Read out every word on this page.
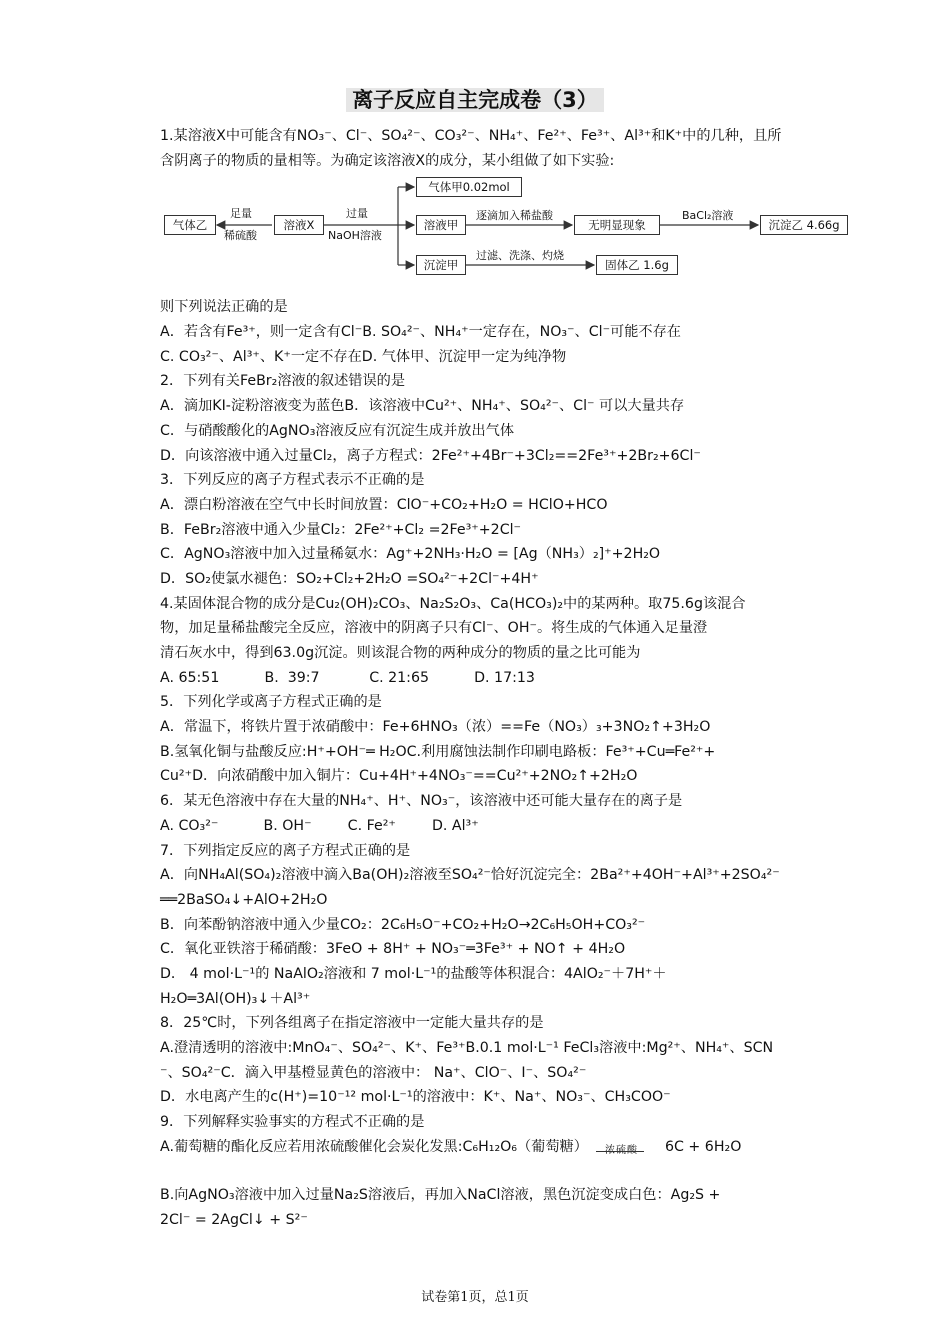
离子反应自主完成卷（3）
1.某溶液X中可能含有NO₃⁻、Cl⁻、SO₄²⁻、CO₃²⁻、NH₄⁺、Fe²⁺、Fe³⁺、Al³⁺和K⁺中的几种，且所
含阴离子的物质的量相等。为确定该溶液X的成分，某小组做了如下实验:
气体乙
足量
稀硫酸
溶液X
过量
NaOH溶液
气体甲0.02mol
溶液甲
逐滴加入稀盐酸
无明显现象
BaCl₂溶液
沉淀乙 4.66g
沉淀甲
过滤、洗涤、灼烧
固体乙 1.6g
则下列说法正确的是
A．若含有Fe³⁺，则一定含有Cl⁻B. SO₄²⁻、NH₄⁺一定存在，NO₃⁻、Cl⁻可能不存在
C. CO₃²⁻、Al³⁺、K⁺一定不存在D. 气体甲、沉淀甲一定为纯净物
2．下列有关FeBr₂溶液的叙述错误的是
A．滴加KI-淀粉溶液变为蓝色B．该溶液中Cu²⁺、NH₄⁺、SO₄²⁻、Cl⁻ 可以大量共存
C．与硝酸酸化的AgNO₃溶液反应有沉淀生成并放出气体
D．向该溶液中通入过量Cl₂，离子方程式：2Fe²⁺+4Br⁻+3Cl₂==2Fe³⁺+2Br₂+6Cl⁻
3．下列反应的离子方程式表示不正确的是
A．漂白粉溶液在空气中长时间放置：ClO⁻+CO₂+H₂O = HClO+HCO
B．FeBr₂溶液中通入少量Cl₂：2Fe²⁺+Cl₂ =2Fe³⁺+2Cl⁻
C．AgNO₃溶液中加入过量稀氨水：Ag⁺+2NH₃·H₂O = [Ag（NH₃）₂]⁺+2H₂O
D．SO₂使氯水褪色：SO₂+Cl₂+2H₂O =SO₄²⁻+2Cl⁻+4H⁺
4.某固体混合物的成分是Cu₂(OH)₂CO₃、Na₂S₂O₃、Ca(HCO₃)₂中的某两种。取75.6g该混合
物，加足量稀盐酸完全反应，溶液中的阴离子只有Cl⁻、OH⁻。将生成的气体通入足量澄
清石灰水中，得到63.0g沉淀。则该混合物的两种成分的物质的量之比可能为
A. 65:51          B.  39:7           C. 21:65          D. 17:13
5．下列化学或离子方程式正确的是
A．常温下，将铁片置于浓硝酸中：Fe+6HNO₃（浓）==Fe（NO₃）₃+3NO₂↑+3H₂O
B.氢氧化铜与盐酸反应:H⁺+OH⁻═ H₂OC.利用腐蚀法制作印刷电路板：Fe³⁺+Cu═Fe²⁺+
Cu²⁺D．向浓硝酸中加入铜片：Cu+4H⁺+4NO₃⁻==Cu²⁺+2NO₂↑+2H₂O
6．某无色溶液中存在大量的NH₄⁺、H⁺、NO₃⁻，该溶液中还可能大量存在的离子是
A. CO₃²⁻          B. OH⁻        C. Fe²⁺        D. Al³⁺
7．下列指定反应的离子方程式正确的是
A．向NH₄Al(SO₄)₂溶液中滴入Ba(OH)₂溶液至SO₄²⁻恰好沉淀完全：2Ba²⁺+4OH⁻+Al³⁺+2SO₄²⁻
══2BaSO₄↓+AlO+2H₂O
B．向苯酚钠溶液中通入少量CO₂：2C₆H₅O⁻+CO₂+H₂O→2C₆H₅OH+CO₃²⁻
C．氧化亚铁溶于稀硝酸：3FeO + 8H⁺ + NO₃⁻═3Fe³⁺ + NO↑ + 4H₂O
D． 4 mol·L⁻¹的 NaAlO₂溶液和 7 mol·L⁻¹的盐酸等体积混合：4AlO₂⁻＋7H⁺＋
H₂O═3Al(OH)₃↓＋Al³⁺
8．25℃时，下列各组离子在指定溶液中一定能大量共存的是
A.澄清透明的溶液中:MnO₄⁻、SO₄²⁻、K⁺、Fe³⁺B.0.1 mol·L⁻¹ FeCl₃溶液中:Mg²⁺、NH₄⁺、SCN
⁻、SO₄²⁻C．滴入甲基橙显黄色的溶液中： Na⁺、ClO⁻、I⁻、SO₄²⁻
D．水电离产生的c(H⁺)=10⁻¹² mol·L⁻¹的溶液中：K⁺、Na⁺、NO₃⁻、CH₃COO⁻
9．下列解释实验事实的方程式不正确的是
A.葡萄糖的酯化反应若用浓硫酸催化会炭化发黑:C₆H₁₂O₆（葡萄糖） 浓硫酸 6C + 6H₂O
B.向AgNO₃溶液中加入过量Na₂S溶液后，再加入NaCl溶液，黑色沉淀变成白色：Ag₂S +
2Cl⁻ = 2AgCl↓ + S²⁻
试卷第1页，总1页
